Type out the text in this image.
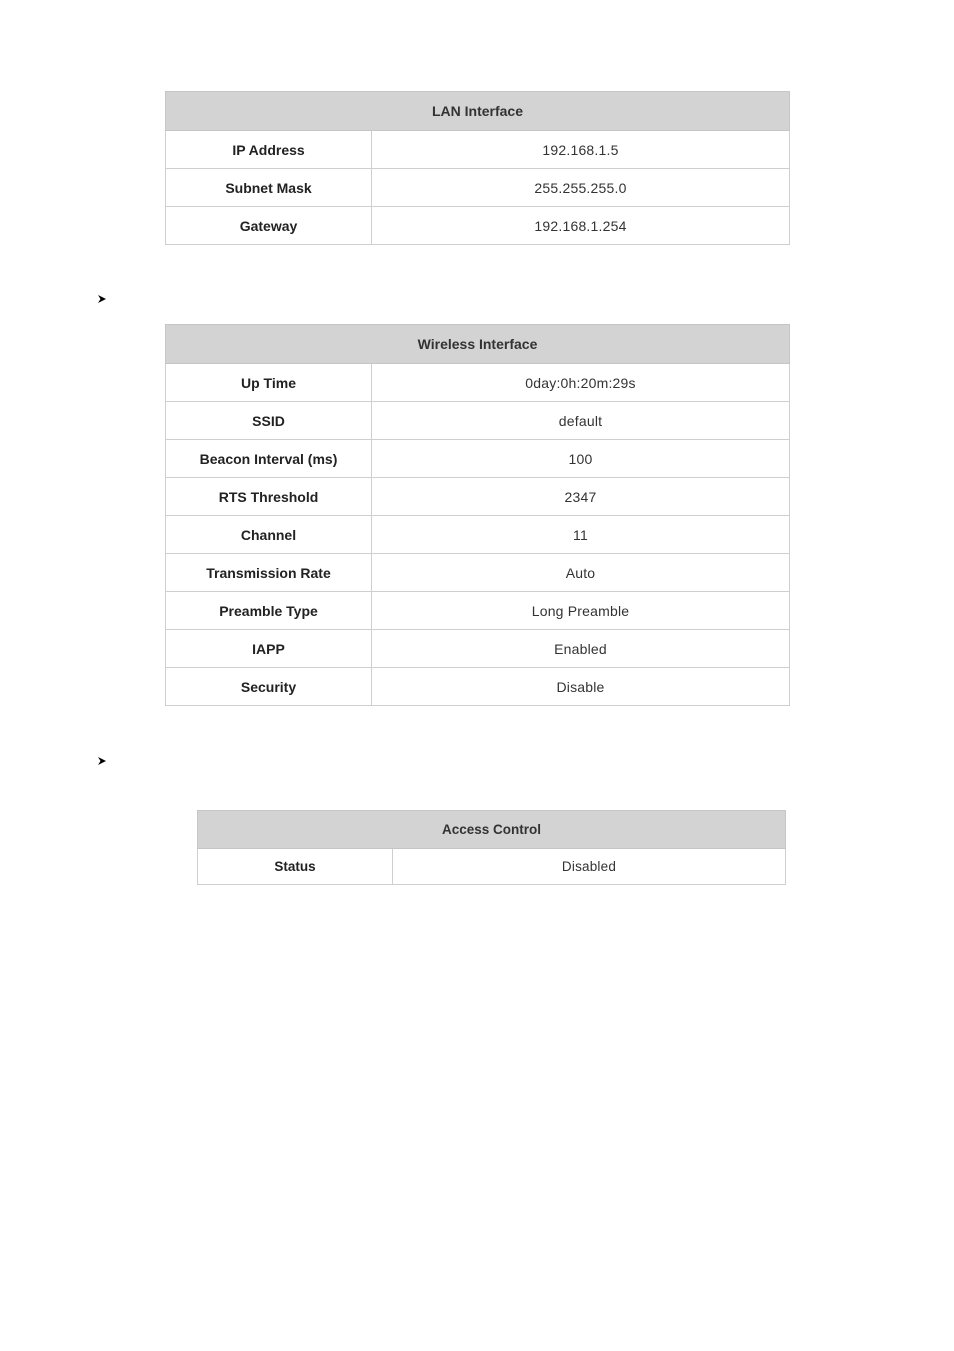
LAN Interface	
IP Address	192.168.1.5
Subnet Mask	255.255.255.0
Gateway	192.168.1.254
Wireless Interface	
Up Time	0day:0h:20m:29s
SSID	default
Beacon Interval (ms)	100
RTS Threshold	2347
Channel	11
Transmission Rate	Auto
Preamble Type	Long Preamble
IAPP	Enabled
Security	Disable
Access Control
Status	Disabled
